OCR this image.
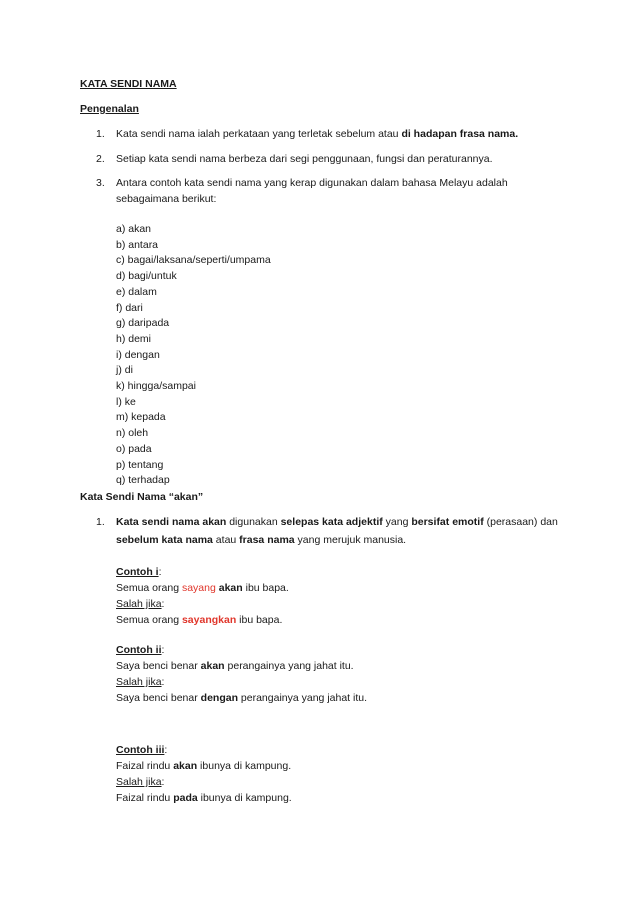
KATA SENDI NAMA
Pengenalan
1. Kata sendi nama ialah perkataan yang terletak sebelum atau di hadapan frasa nama.
2. Setiap kata sendi nama berbeza dari segi penggunaan, fungsi dan peraturannya.
3. Antara contoh kata sendi nama yang kerap digunakan dalam bahasa Melayu adalah
sebagaimana berikut:
a) akan
b) antara
c) bagai/laksana/seperti/umpama
d) bagi/untuk
e) dalam
f) dari
g) daripada
h) demi
i) dengan
j) di
k) hingga/sampai
l) ke
m) kepada
n) oleh
o) pada
p) tentang
q) terhadap
Kata Sendi Nama “akan”
1. Kata sendi nama akan digunakan selepas kata adjektif yang bersifat emotif (perasaan) dan
sebelum kata nama atau frasa nama yang merujuk manusia.
Contoh i:
Semua orang sayang akan ibu bapa.
Salah jika:
Semua orang sayangkan ibu bapa.
Contoh ii:
Saya benci benar akan perangainya yang jahat itu.
Salah jika:
Saya benci benar dengan perangainya yang jahat itu.
Contoh iii:
Faizal rindu akan ibunya di kampung.
Salah jika:
Faizal rindu pada ibunya di kampung.
